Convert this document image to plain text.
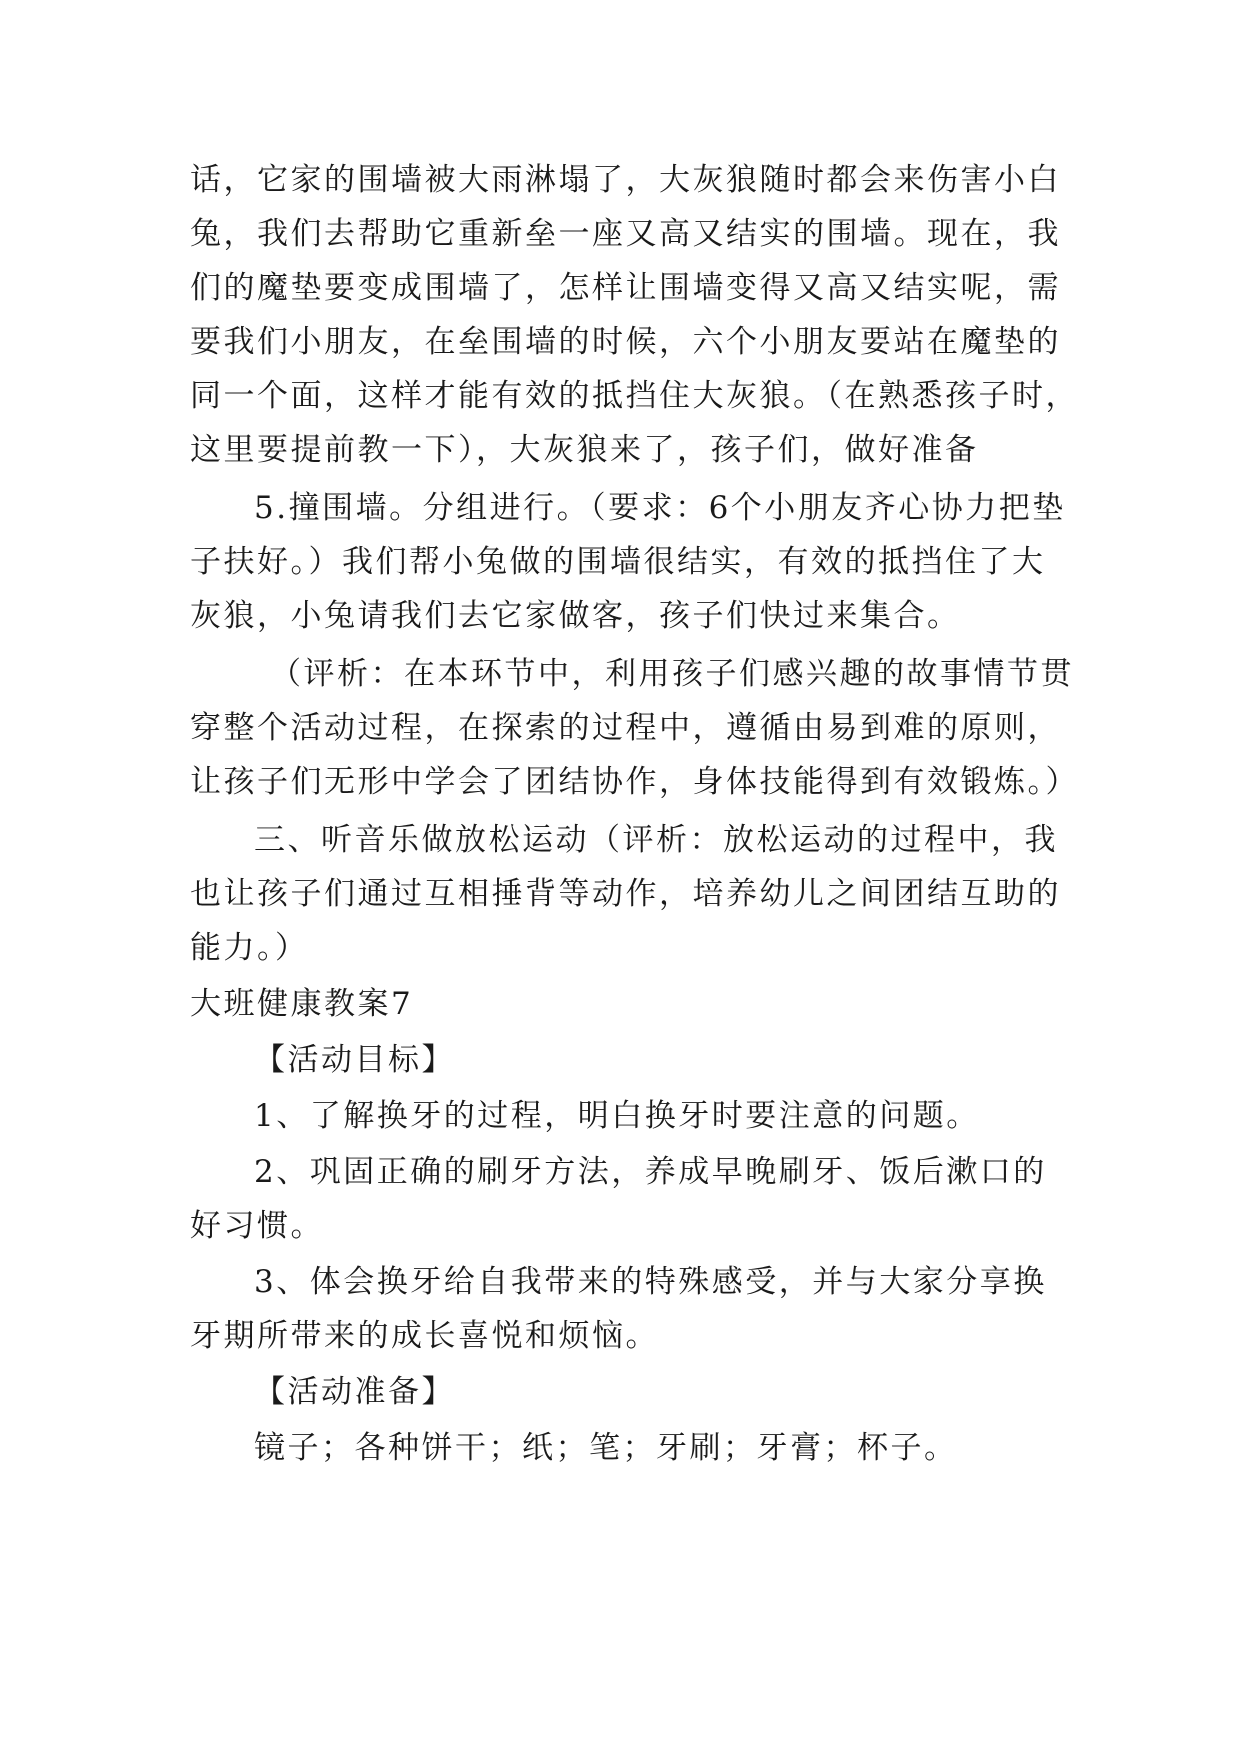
话，它家的围墙被大雨淋塌了，大灰狼随时都会来伤害小白
兔，我们去帮助它重新垒一座又高又结实的围墙。现在，我
们的魔垫要变成围墙了，怎样让围墙变得又高又结实呢，需
要我们小朋友，在垒围墙的时候，六个小朋友要站在魔垫的
同一个面，这样才能有效的抵挡住大灰狼。（在熟悉孩子时，
这里要提前教一下），大灰狼来了，孩子们，做好准备
5.撞围墙。分组进行。（要求：6个小朋友齐心协力把垫
子扶好。）我们帮小兔做的围墙很结实，有效的抵挡住了大
灰狼，小兔请我们去它家做客，孩子们快过来集合。
（评析：在本环节中，利用孩子们感兴趣的故事情节贯
穿整个活动过程，在探索的过程中，遵循由易到难的原则，
让孩子们无形中学会了团结协作，身体技能得到有效锻炼。）
三、听音乐做放松运动（评析：放松运动的过程中，我
也让孩子们通过互相捶背等动作，培养幼儿之间团结互助的
能力。）
大班健康教案7
【活动目标】
1、了解换牙的过程，明白换牙时要注意的问题。
2、巩固正确的刷牙方法，养成早晚刷牙、饭后漱口的
好习惯。
3、体会换牙给自我带来的特殊感受，并与大家分享换
牙期所带来的成长喜悦和烦恼。
【活动准备】
镜子；各种饼干；纸；笔；牙刷；牙膏；杯子。
